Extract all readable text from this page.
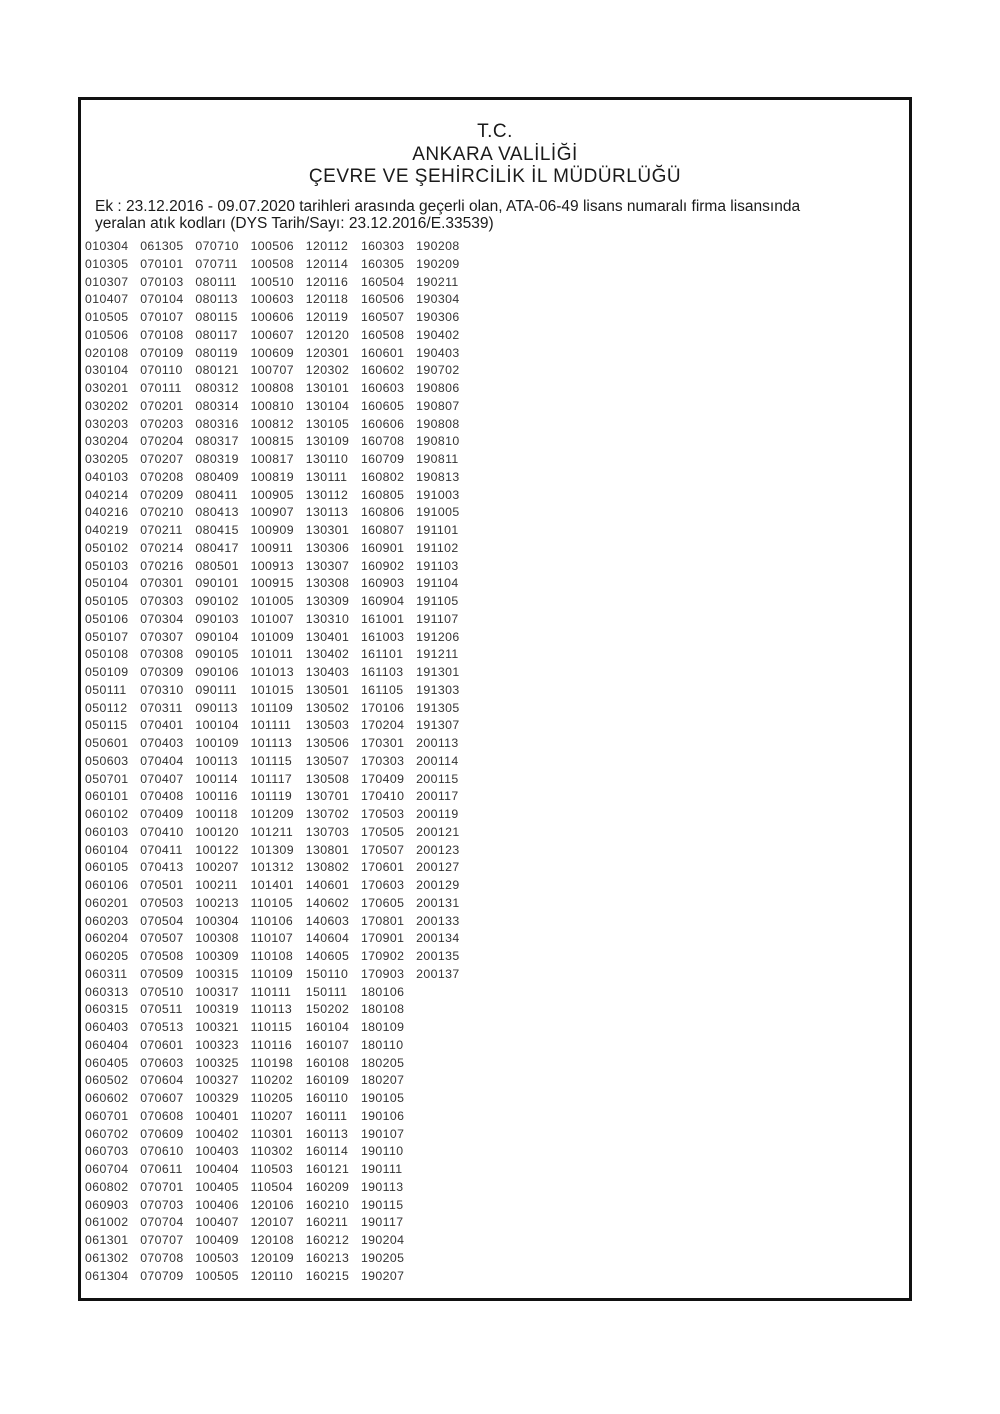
T.C.
ANKARA VALİLİĞİ
ÇEVRE VE ŞEHİRCİLİK İL MÜDÜRLÜĞÜ
Ek : 23.12.2016 - 09.07.2020 tarihleri arasında geçerli olan, ATA-06-49 lisans numaralı firma lisansında
yeralan atık kodları (DYS Tarih/Sayı: 23.12.2016/E.33539)
010304
010305
010307
010407
010505
010506
020108
030104
030201
030202
030203
030204
030205
040103
040214
040216
040219
050102
050103
050104
050105
050106
050107
050108
050109
050111
050112
050115
050601
050603
050701
060101
060102
060103
060104
060105
060106
060201
060203
060204
060205
060311
060313
060315
060403
060404
060405
060502
060602
060701
060702
060703
060704
060802
060903
061002
061301
061302
061304
061305
070101
070103
070104
070107
070108
070109
070110
070111
070201
070203
070204
070207
070208
070209
070210
070211
070214
070216
070301
070303
070304
070307
070308
070309
070310
070311
070401
070403
070404
070407
070408
070409
070410
070411
070413
070501
070503
070504
070507
070508
070509
070510
070511
070513
070601
070603
070604
070607
070608
070609
070610
070611
070701
070703
070704
070707
070708
070709
070710
070711
080111
080113
080115
080117
080119
080121
080312
080314
080316
080317
080319
080409
080411
080413
080415
080417
080501
090101
090102
090103
090104
090105
090106
090111
090113
100104
100109
100113
100114
100116
100118
100120
100122
100207
100211
100213
100304
100308
100309
100315
100317
100319
100321
100323
100325
100327
100329
100401
100402
100403
100404
100405
100406
100407
100409
100503
100505
100506
100508
100510
100603
100606
100607
100609
100707
100808
100810
100812
100815
100817
100819
100905
100907
100909
100911
100913
100915
101005
101007
101009
101011
101013
101015
101109
101111
101113
101115
101117
101119
101209
101211
101309
101312
101401
110105
110106
110107
110108
110109
110111
110113
110115
110116
110198
110202
110205
110207
110301
110302
110503
110504
120106
120107
120108
120109
120110
120112
120114
120116
120118
120119
120120
120301
120302
130101
130104
130105
130109
130110
130111
130112
130113
130301
130306
130307
130308
130309
130310
130401
130402
130403
130501
130502
130503
130506
130507
130508
130701
130702
130703
130801
130802
140601
140602
140603
140604
140605
150110
150111
150202
160104
160107
160108
160109
160110
160111
160113
160114
160121
160209
160210
160211
160212
160213
160215
160303
160305
160504
160506
160507
160508
160601
160602
160603
160605
160606
160708
160709
160802
160805
160806
160807
160901
160902
160903
160904
161001
161003
161101
161103
161105
170106
170204
170301
170303
170409
170410
170503
170505
170507
170601
170603
170605
170801
170901
170902
170903
180106
180108
180109
180110
180205
180207
190105
190106
190107
190110
190111
190113
190115
190117
190204
190205
190207
190208
190209
190211
190304
190306
190402
190403
190702
190806
190807
190808
190810
190811
190813
191003
191005
191101
191102
191103
191104
191105
191107
191206
191211
191301
191303
191305
191307
200113
200114
200115
200117
200119
200121
200123
200127
200129
200131
200133
200134
200135
200137
